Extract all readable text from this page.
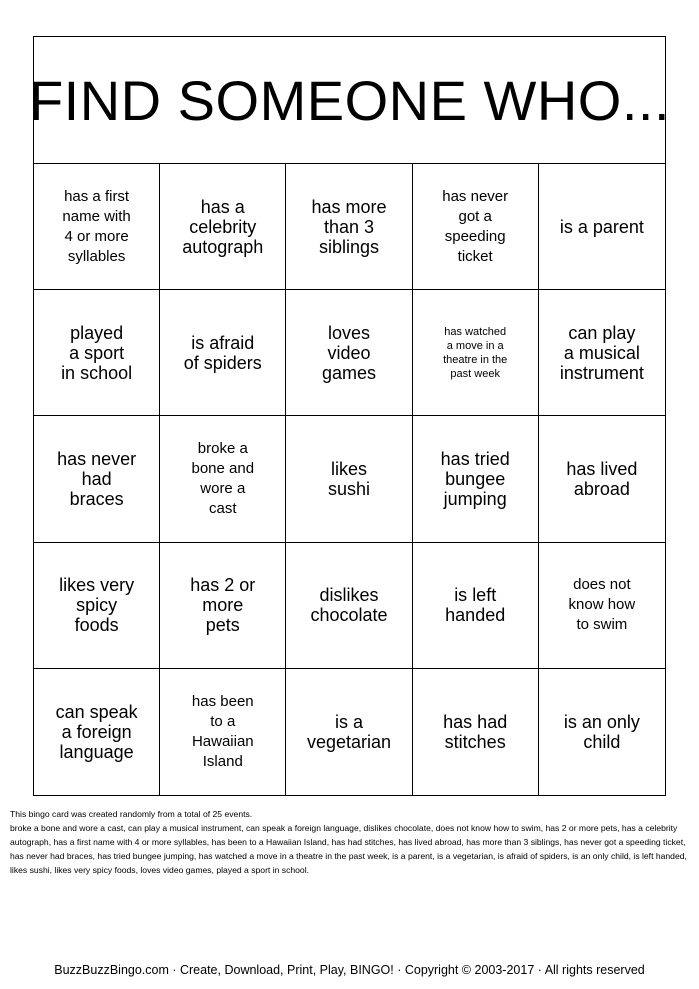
FIND SOMEONE WHO...
has a first
name with
4 or more
syllables
has a
celebrity
autograph
has more
than 3
siblings
has never
got a
speeding
ticket
is a parent
played
a sport
in school
is afraid
of spiders
loves
video
games
has watched
a move in a
theatre in the
past week
can play
a musical
instrument
has never
had
braces
broke a
bone and
wore a
cast
likes
sushi
has tried
bungee
jumping
has lived
abroad
likes very
spicy
foods
has 2 or
more
pets
dislikes
chocolate
is left
handed
does not
know how
to swim
can speak
a foreign
language
has been
to a
Hawaiian
Island
is a
vegetarian
has had
stitches
is an only
child
This bingo card was created randomly from a total of 25 events.
broke a bone and wore a cast, can play a musical instrument, can speak a foreign language, dislikes chocolate, does not know how to swim, has 2 or more pets, has a celebrity autograph, has a first name with 4 or more syllables, has been to a Hawaiian Island, has had stitches, has lived abroad, has more than 3 siblings, has never got a speeding ticket, has never had braces, has tried bungee jumping, has watched a move in a theatre in the past week, is a parent, is a vegetarian, is afraid of spiders, is an only child, is left handed, likes sushi, likes very spicy foods, loves video games, played a sport in school.
BuzzBuzzBingo.com · Create, Download, Print, Play, BINGO! · Copyright © 2003-2017 · All rights reserved
